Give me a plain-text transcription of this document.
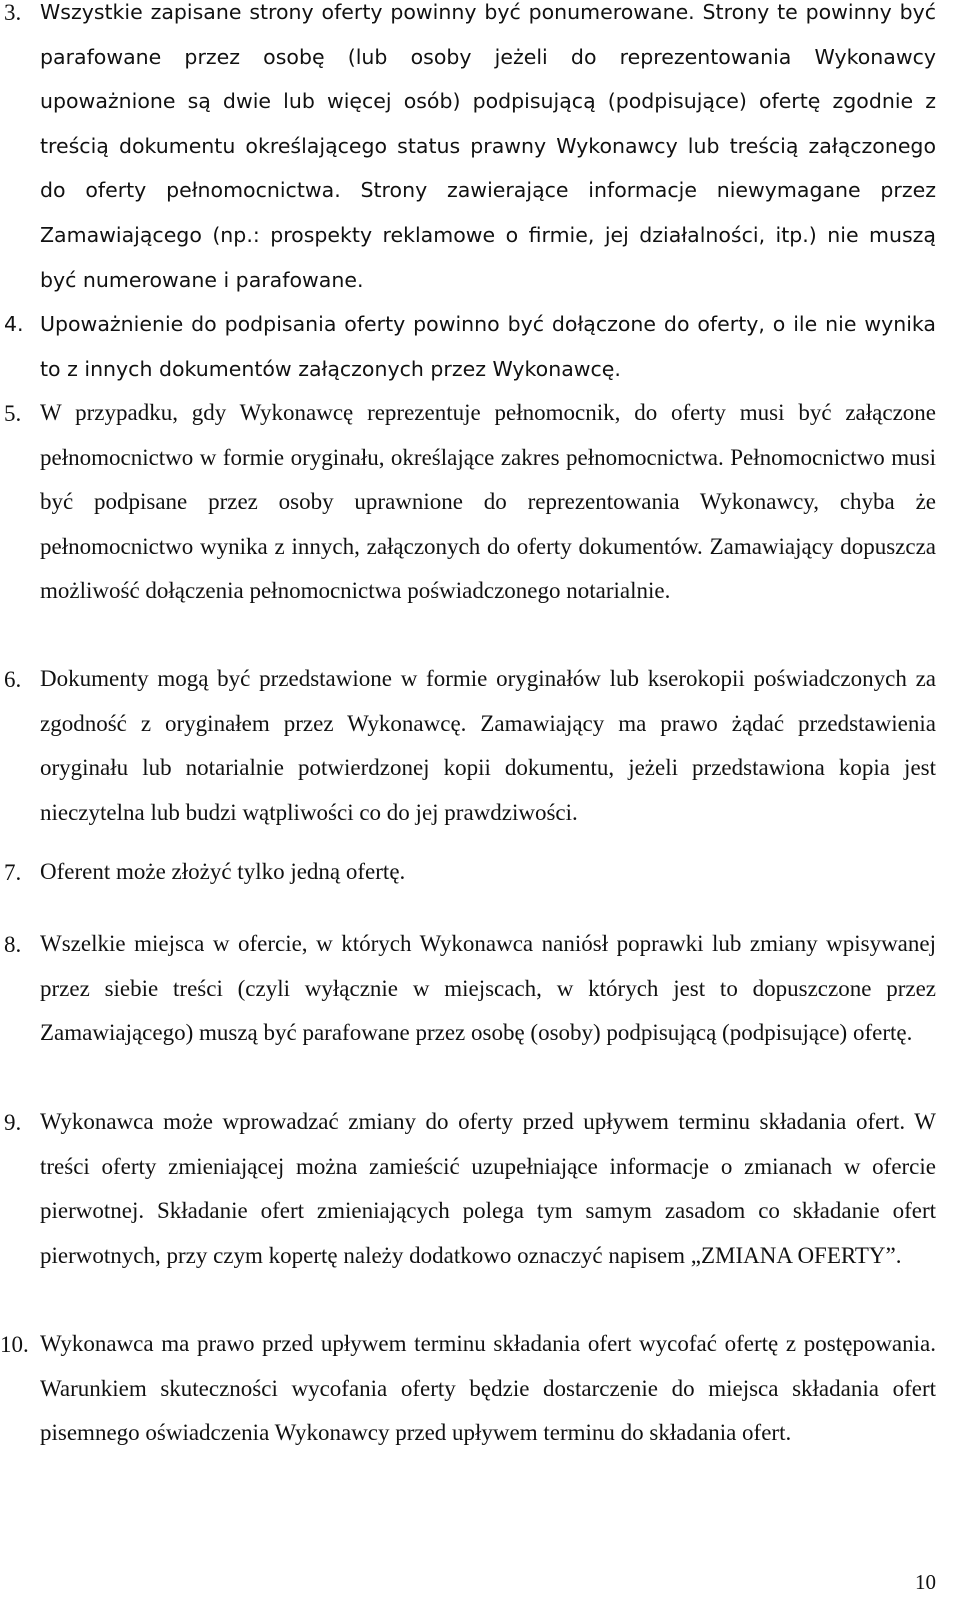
3. Wszystkie zapisane strony oferty powinny być ponumerowane. Strony te powinny być parafowane przez osobę (lub osoby jeżeli do reprezentowania Wykonawcy upoważnione są dwie lub więcej osób) podpisującą (podpisujące) ofertę zgodnie z treścią dokumentu określającego status prawny Wykonawcy lub treścią załączonego do oferty pełnomocnictwa. Strony zawierające informacje niewymagane przez Zamawiającego (np.: prospekty reklamowe o firmie, jej działalności, itp.) nie muszą być numerowane i parafowane.

4. Upoważnienie do podpisania oferty powinno być dołączone do oferty, o ile nie wynika to z innych dokumentów załączonych przez Wykonawcę.

5. W przypadku, gdy Wykonawcę reprezentuje pełnomocnik, do oferty musi być załączone pełnomocnictwo w formie oryginału, określające zakres pełnomocnictwa. Pełnomocnictwo musi być podpisane przez osoby uprawnione do reprezentowania Wykonawcy, chyba że pełnomocnictwo wynika z innych, załączonych do oferty dokumentów. Zamawiający dopuszcza możliwość dołączenia pełnomocnictwa poświadczonego notarialnie.

6. Dokumenty mogą być przedstawione w formie oryginałów lub kserokopii poświadczonych za zgodność z oryginałem przez Wykonawcę. Zamawiający ma prawo żądać przedstawienia oryginału lub notarialnie potwierdzonej kopii dokumentu, jeżeli przedstawiona kopia jest nieczytelna lub budzi wątpliwości co do jej prawdziwości.

7. Oferent może złożyć tylko jedną ofertę.

8. Wszelkie miejsca w ofercie, w których Wykonawca naniósł poprawki lub zmiany wpisywanej przez siebie treści (czyli wyłącznie w miejscach, w których jest to dopuszczone przez Zamawiającego) muszą być parafowane przez osobę (osoby) podpisującą (podpisujące) ofertę.

9. Wykonawca może wprowadzać zmiany do oferty przed upływem terminu składania ofert. W treści oferty zmieniającej można zamieścić uzupełniające informacje o zmianach w ofercie pierwotnej. Składanie ofert zmieniających polega tym samym zasadom co składanie ofert pierwotnych, przy czym kopertę należy dodatkowo oznaczyć napisem „ZMIANA OFERTY”.

10. Wykonawca ma prawo przed upływem terminu składania ofert wycofać ofertę z postępowania. Warunkiem skuteczności wycofania oferty będzie dostarczenie do miejsca składania ofert pisemnego oświadczenia Wykonawcy przed upływem terminu do składania ofert.

10
